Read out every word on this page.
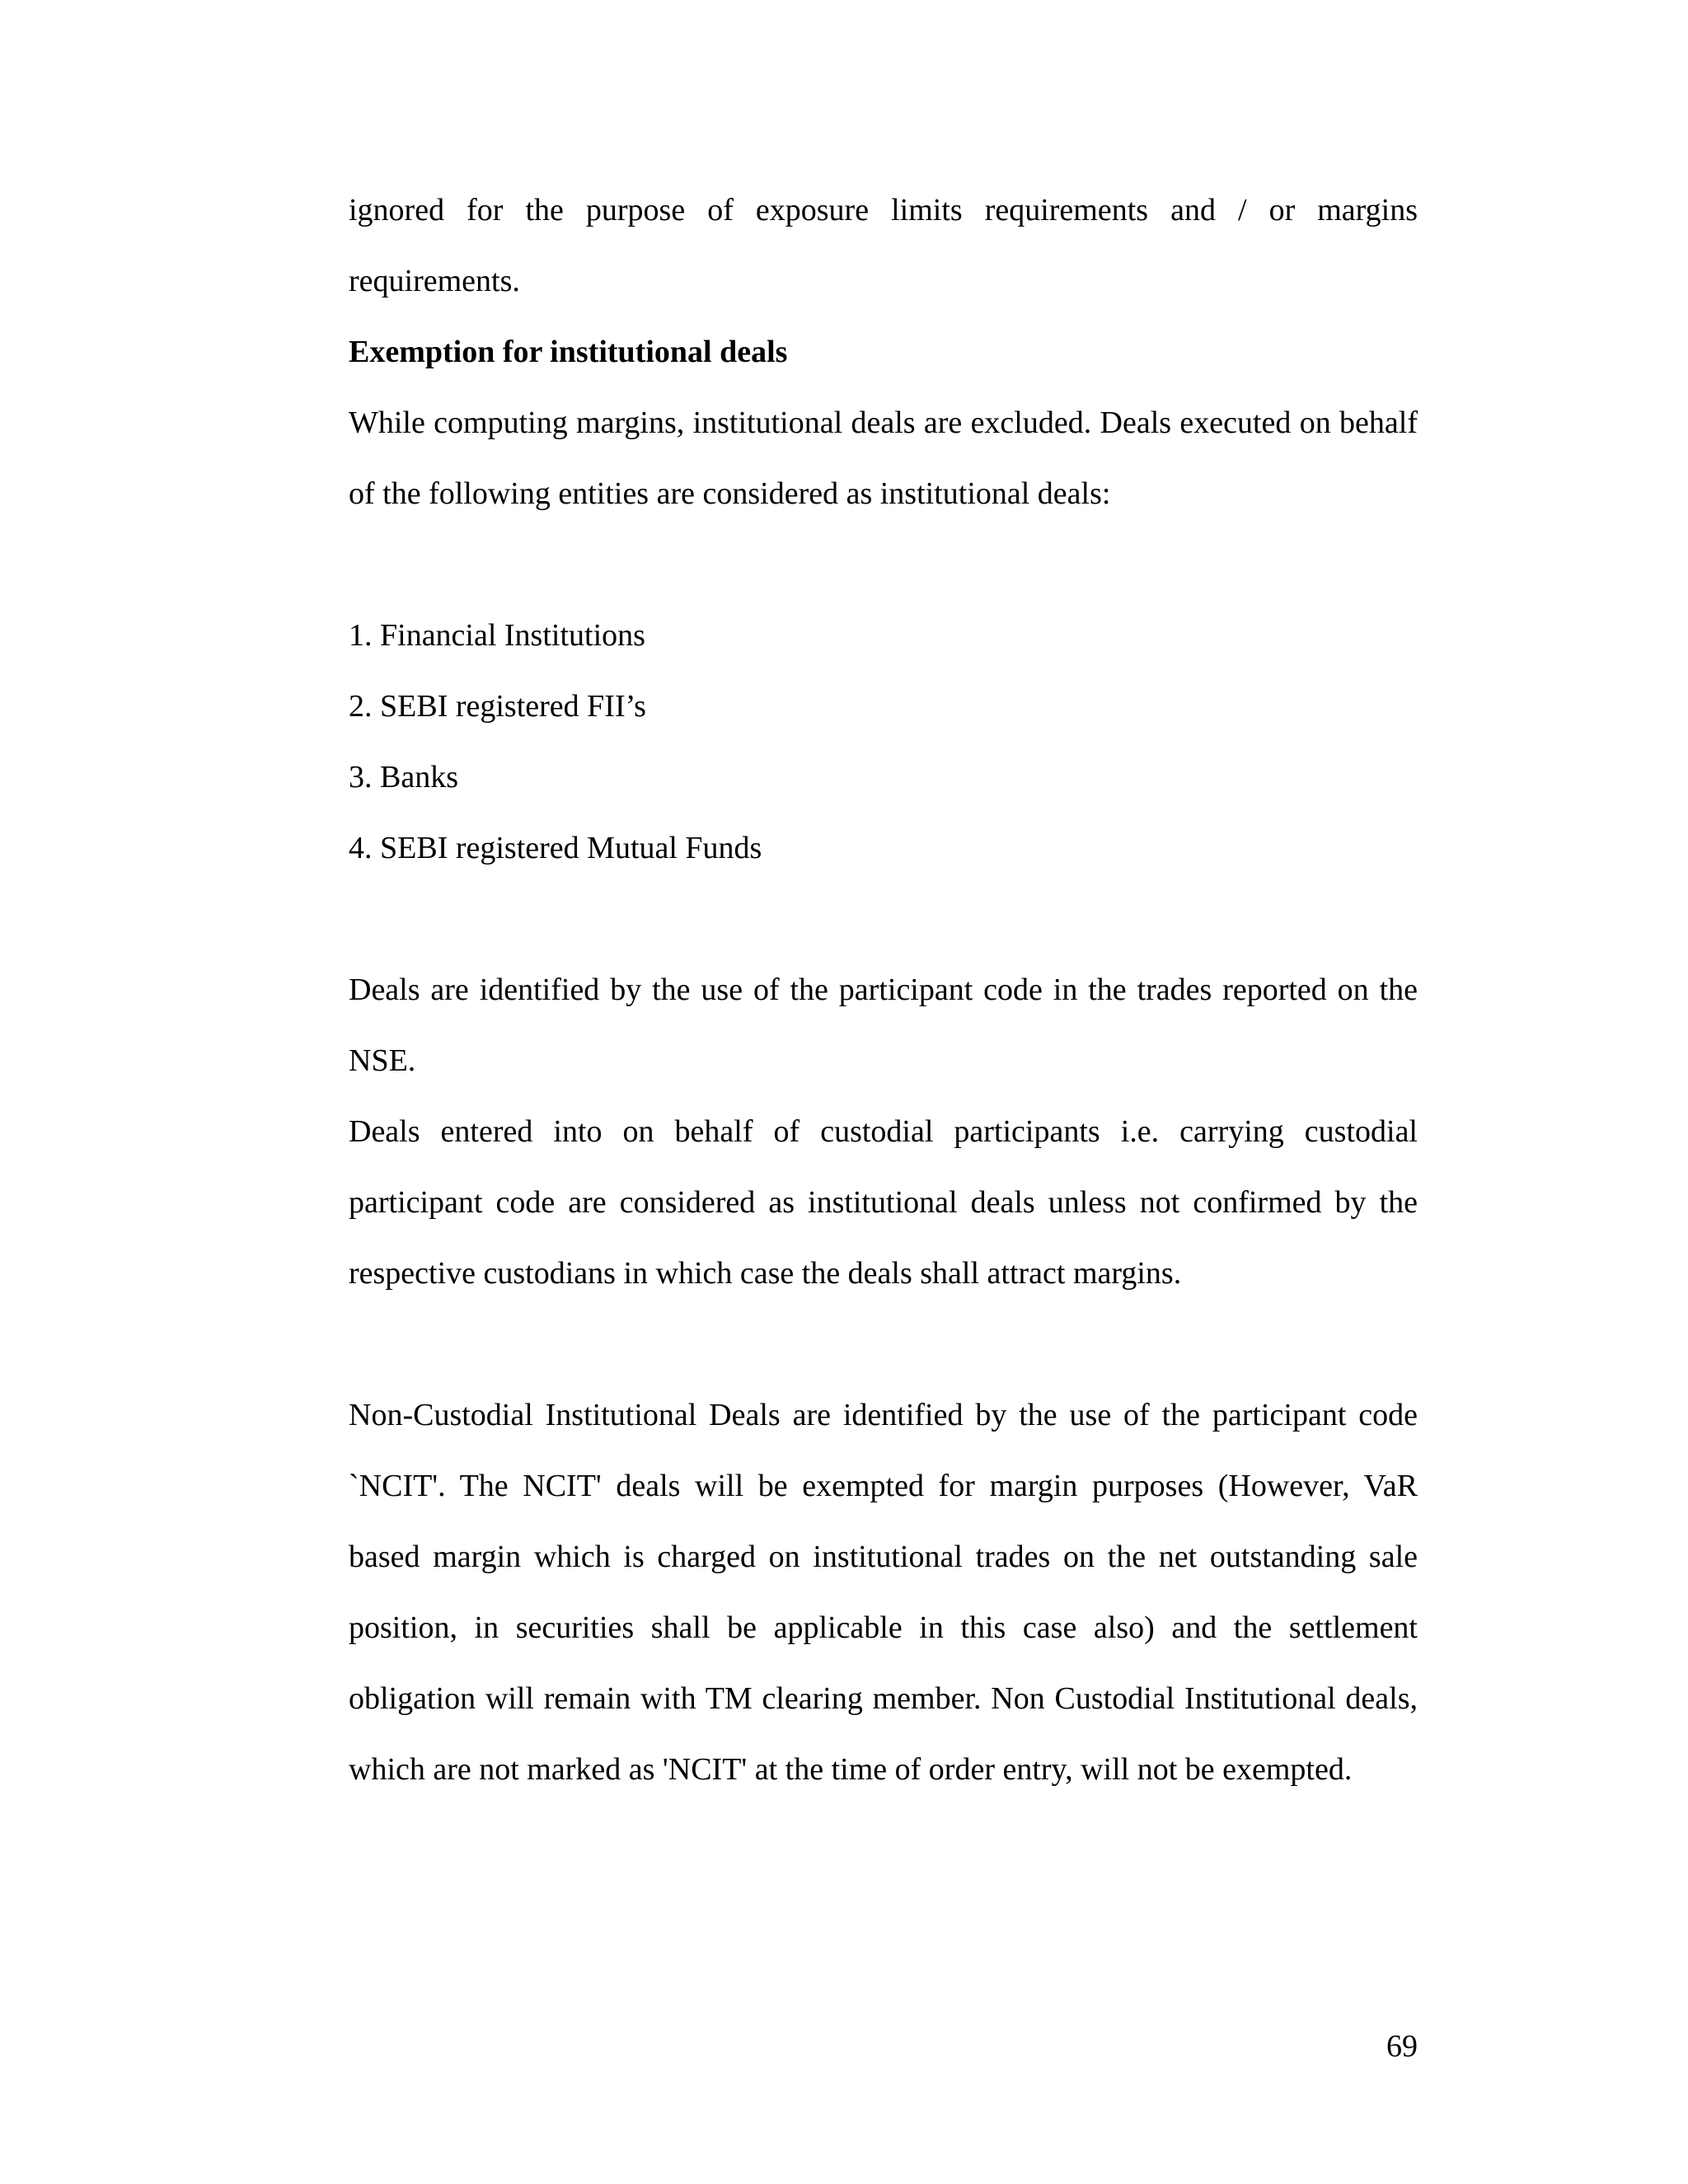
ignored for the purpose of exposure limits requirements and / or margins requirements.

Exemption for institutional deals

While computing margins, institutional deals are excluded. Deals executed on behalf of the following entities are considered as institutional deals:

1. Financial Institutions
2. SEBI registered FII’s
3. Banks
4. SEBI registered Mutual Funds

Deals are identified by the use of the participant code in the trades reported on the NSE.

Deals entered into on behalf of custodial participants i.e. carrying custodial participant code are considered as institutional deals unless not confirmed by the respective custodians in which case the deals shall attract margins.

Non-Custodial Institutional Deals are identified by the use of the participant code `NCIT'. The NCIT' deals will be exempted for margin purposes (However, VaR based margin which is charged on institutional trades on the net outstanding sale position, in securities shall be applicable in this case also) and the settlement obligation will remain with TM clearing member. Non Custodial Institutional deals, which are not marked as 'NCIT' at the time of order entry, will not be exempted.

69
